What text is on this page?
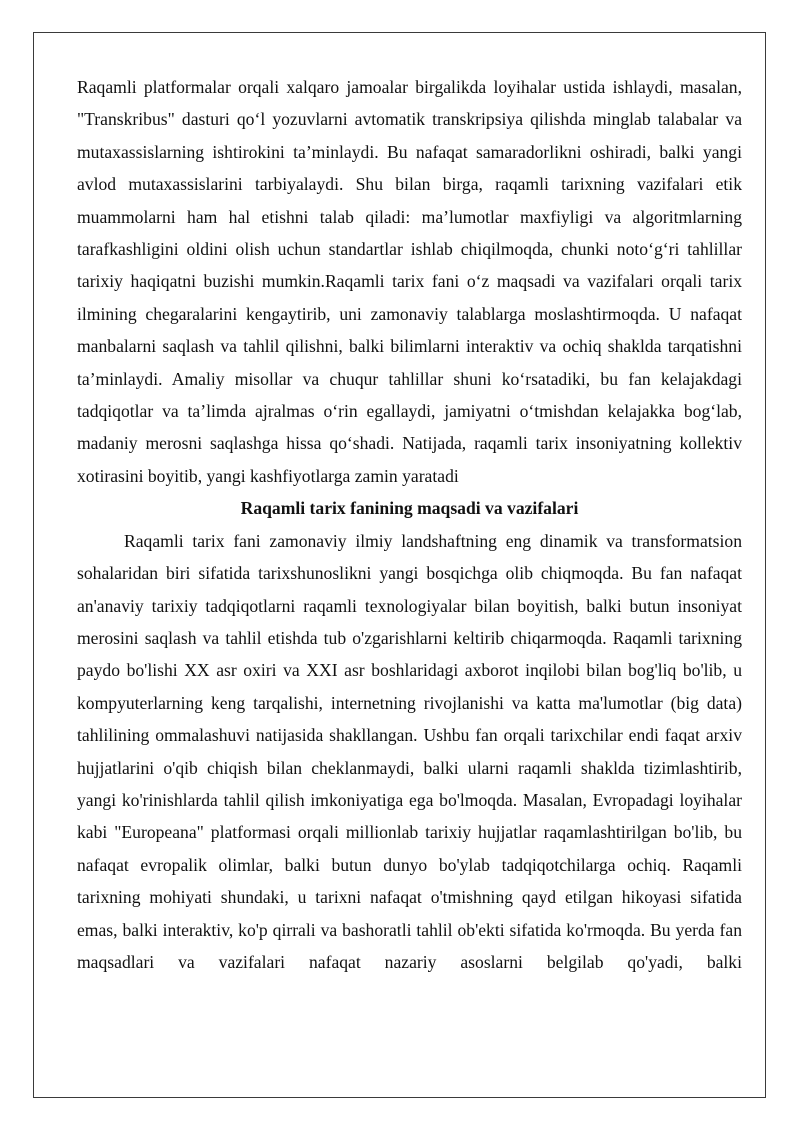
Raqamli platformalar orqali xalqaro jamoalar birgalikda loyihalar ustida ishlaydi, masalan, "Transkribus" dasturi qo‘l yozuvlarni avtomatik transkripsiya qilishda minglab talabalar va mutaxassislarning ishtirokini ta’minlaydi. Bu nafaqat samaradorlikni oshiradi, balki yangi avlod mutaxassislarini tarbiyalaydi. Shu bilan birga, raqamli tarixning vazifalari etik muammolarni ham hal etishni talab qiladi: ma’lumotlar maxfiyligi va algoritmlarning tarafkashligini oldini olish uchun standartlar ishlab chiqilmoqda, chunki noto‘g‘ri tahlillar tarixiy haqiqatni buzishi mumkin.Raqamli tarix fani o‘z maqsadi va vazifalari orqali tarix ilmining chegaralarini kengaytirib, uni zamonaviy talablarga moslashtirmoqda. U nafaqat manbalarni saqlash va tahlil qilishni, balki bilimlarni interaktiv va ochiq shaklda tarqatishni ta’minlaydi. Amaliy misollar va chuqur tahlillar shuni ko‘rsatadiki, bu fan kelajakdagi tadqiqotlar va ta’limda ajralmas o‘rin egallaydi, jamiyatni o‘tmishdan kelajakka bog‘lab, madaniy merosni saqlashga hissa qo‘shadi. Natijada, raqamli tarix insoniyatning kollektiv xotirasini boyitib, yangi kashfiyotlarga zamin yaratadi

Raqamli tarix fanining maqsadi va vazifalari

Raqamli tarix fani zamonaviy ilmiy landshaftning eng dinamik va transformatsion sohalaridan biri sifatida tarixshunoslikni yangi bosqichga olib chiqmoqda. Bu fan nafaqat an'anaviy tarixiy tadqiqotlarni raqamli texnologiyalar bilan boyitish, balki butun insoniyat merosini saqlash va tahlil etishda tub o'zgarishlarni keltirib chiqarmoqda. Raqamli tarixning paydo bo'lishi XX asr oxiri va XXI asr boshlaridagi axborot inqilobi bilan bog'liq bo'lib, u kompyuterlarning keng tarqalishi, internetning rivojlanishi va katta ma'lumotlar (big data) tahlilining ommalashuvi natijasida shakllangan. Ushbu fan orqali tarixchilar endi faqat arxiv hujjatlarini o'qib chiqish bilan cheklanmaydi, balki ularni raqamli shaklda tizimlashtirib, yangi ko'rinishlarda tahlil qilish imkoniyatiga ega bo'lmoqda. Masalan, Evropadagi loyihalar kabi "Europeana" platformasi orqali millionlab tarixiy hujjatlar raqamlashtirilgan bo'lib, bu nafaqat evropalik olimlar, balki butun dunyo bo'ylab tadqiqotchilarga ochiq. Raqamli tarixning mohiyati shundaki, u tarixni nafaqat o'tmishning qayd etilgan hikoyasi sifatida emas, balki interaktiv, ko'p qirrali va bashoratli tahlil ob'ekti sifatida ko'rmoqda. Bu yerda fan maqsadlari va vazifalari nafaqat nazariy asoslarni belgilab qo'yadi, balki
